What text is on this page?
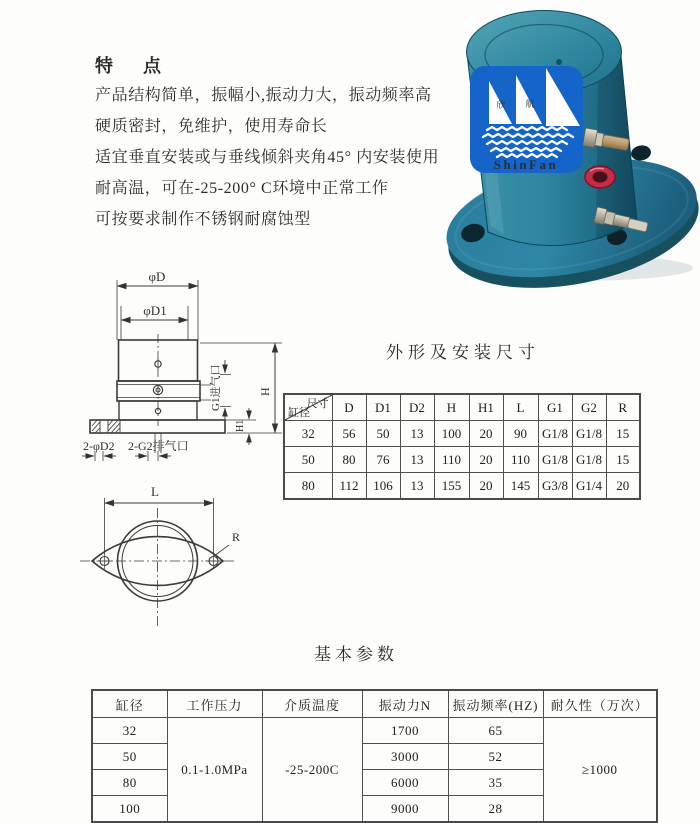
特　点

产品结构简单，振幅小,振动力大，振动频率高

硬质密封，免维护，使用寿命长

适宜垂直安装或与垂线倾斜夹角45° 内安装使用

耐高温，可在-25-200° C环境中正常工作

可按要求制作不锈钢耐腐蚀型

欣 航
ShinFan
φD
φD1
G1进气口	H
H1
2-φD2 2-G2排气口
外形及安装尺寸
尺寸
缸径	D	D1	D2	H	H1	L	G1	G2	R
32	56	50	13	100	20	90	G1/8	G1/8	15
50	80	76	13	110	20	110	G1/8	G1/8	15
80	112	106	13	155	20	145	G3/8	G1/4	20
L
R
基本参数
缸径	工作压力	介质温度	振动力N	振动频率(HZ)	耐久性（万次）
32	0.1-1.0MPa	-25-200C	1700	65	≥1000
50			3000	52	
80			6000	35	
100			9000	28	
